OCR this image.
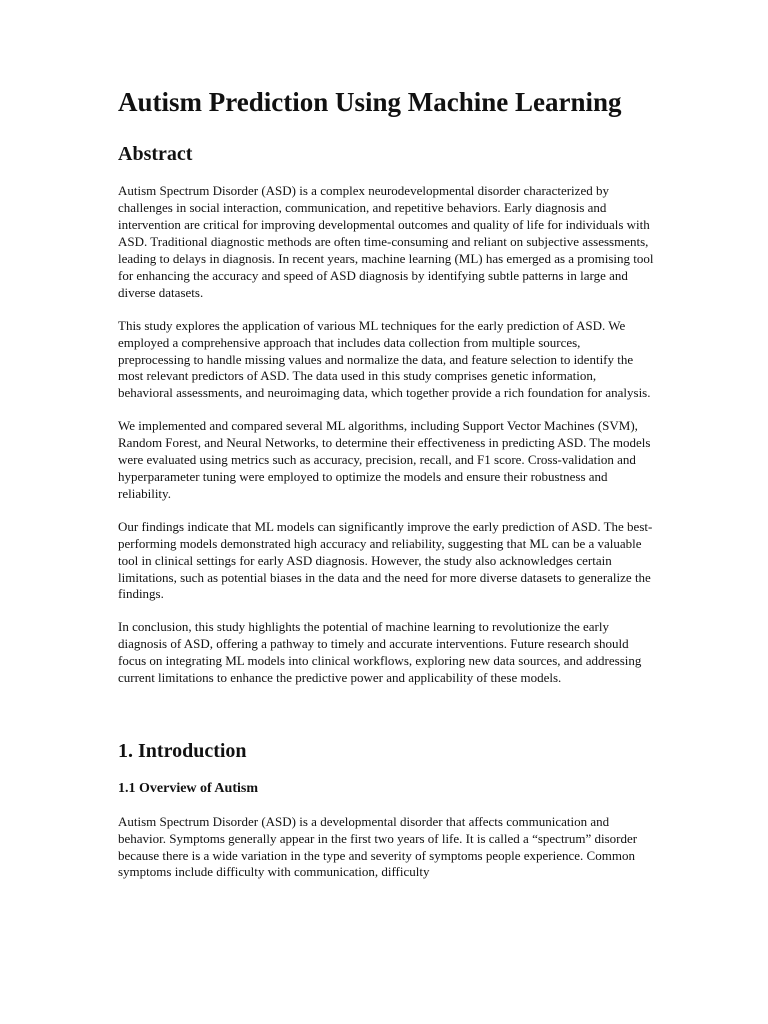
Autism Prediction Using Machine Learning
Abstract

Autism Spectrum Disorder (ASD) is a complex neurodevelopmental disorder characterized by challenges in social interaction, communication, and repetitive behaviors. Early diagnosis and intervention are critical for improving developmental outcomes and quality of life for individuals with ASD. Traditional diagnostic methods are often time-consuming and reliant on subjective assessments, leading to delays in diagnosis. In recent years, machine learning (ML) has emerged as a promising tool for enhancing the accuracy and speed of ASD diagnosis by identifying subtle patterns in large and diverse datasets.

This study explores the application of various ML techniques for the early prediction of ASD. We employed a comprehensive approach that includes data collection from multiple sources, preprocessing to handle missing values and normalize the data, and feature selection to identify the most relevant predictors of ASD. The data used in this study comprises genetic information, behavioral assessments, and neuroimaging data, which together provide a rich foundation for analysis.

We implemented and compared several ML algorithms, including Support Vector Machines (SVM), Random Forest, and Neural Networks, to determine their effectiveness in predicting ASD. The models were evaluated using metrics such as accuracy, precision, recall, and F1 score. Cross-validation and hyperparameter tuning were employed to optimize the models and ensure their robustness and reliability.

Our findings indicate that ML models can significantly improve the early prediction of ASD. The best-performing models demonstrated high accuracy and reliability, suggesting that ML can be a valuable tool in clinical settings for early ASD diagnosis. However, the study also acknowledges certain limitations, such as potential biases in the data and the need for more diverse datasets to generalize the findings.

In conclusion, this study highlights the potential of machine learning to revolutionize the early diagnosis of ASD, offering a pathway to timely and accurate interventions. Future research should focus on integrating ML models into clinical workflows, exploring new data sources, and addressing current limitations to enhance the predictive power and applicability of these models.

1. Introduction
1.1 Overview of Autism

Autism Spectrum Disorder (ASD) is a developmental disorder that affects communication and behavior. Symptoms generally appear in the first two years of life. It is called a “spectrum” disorder because there is a wide variation in the type and severity of symptoms people experience. Common symptoms include difficulty with communication, difficulty
